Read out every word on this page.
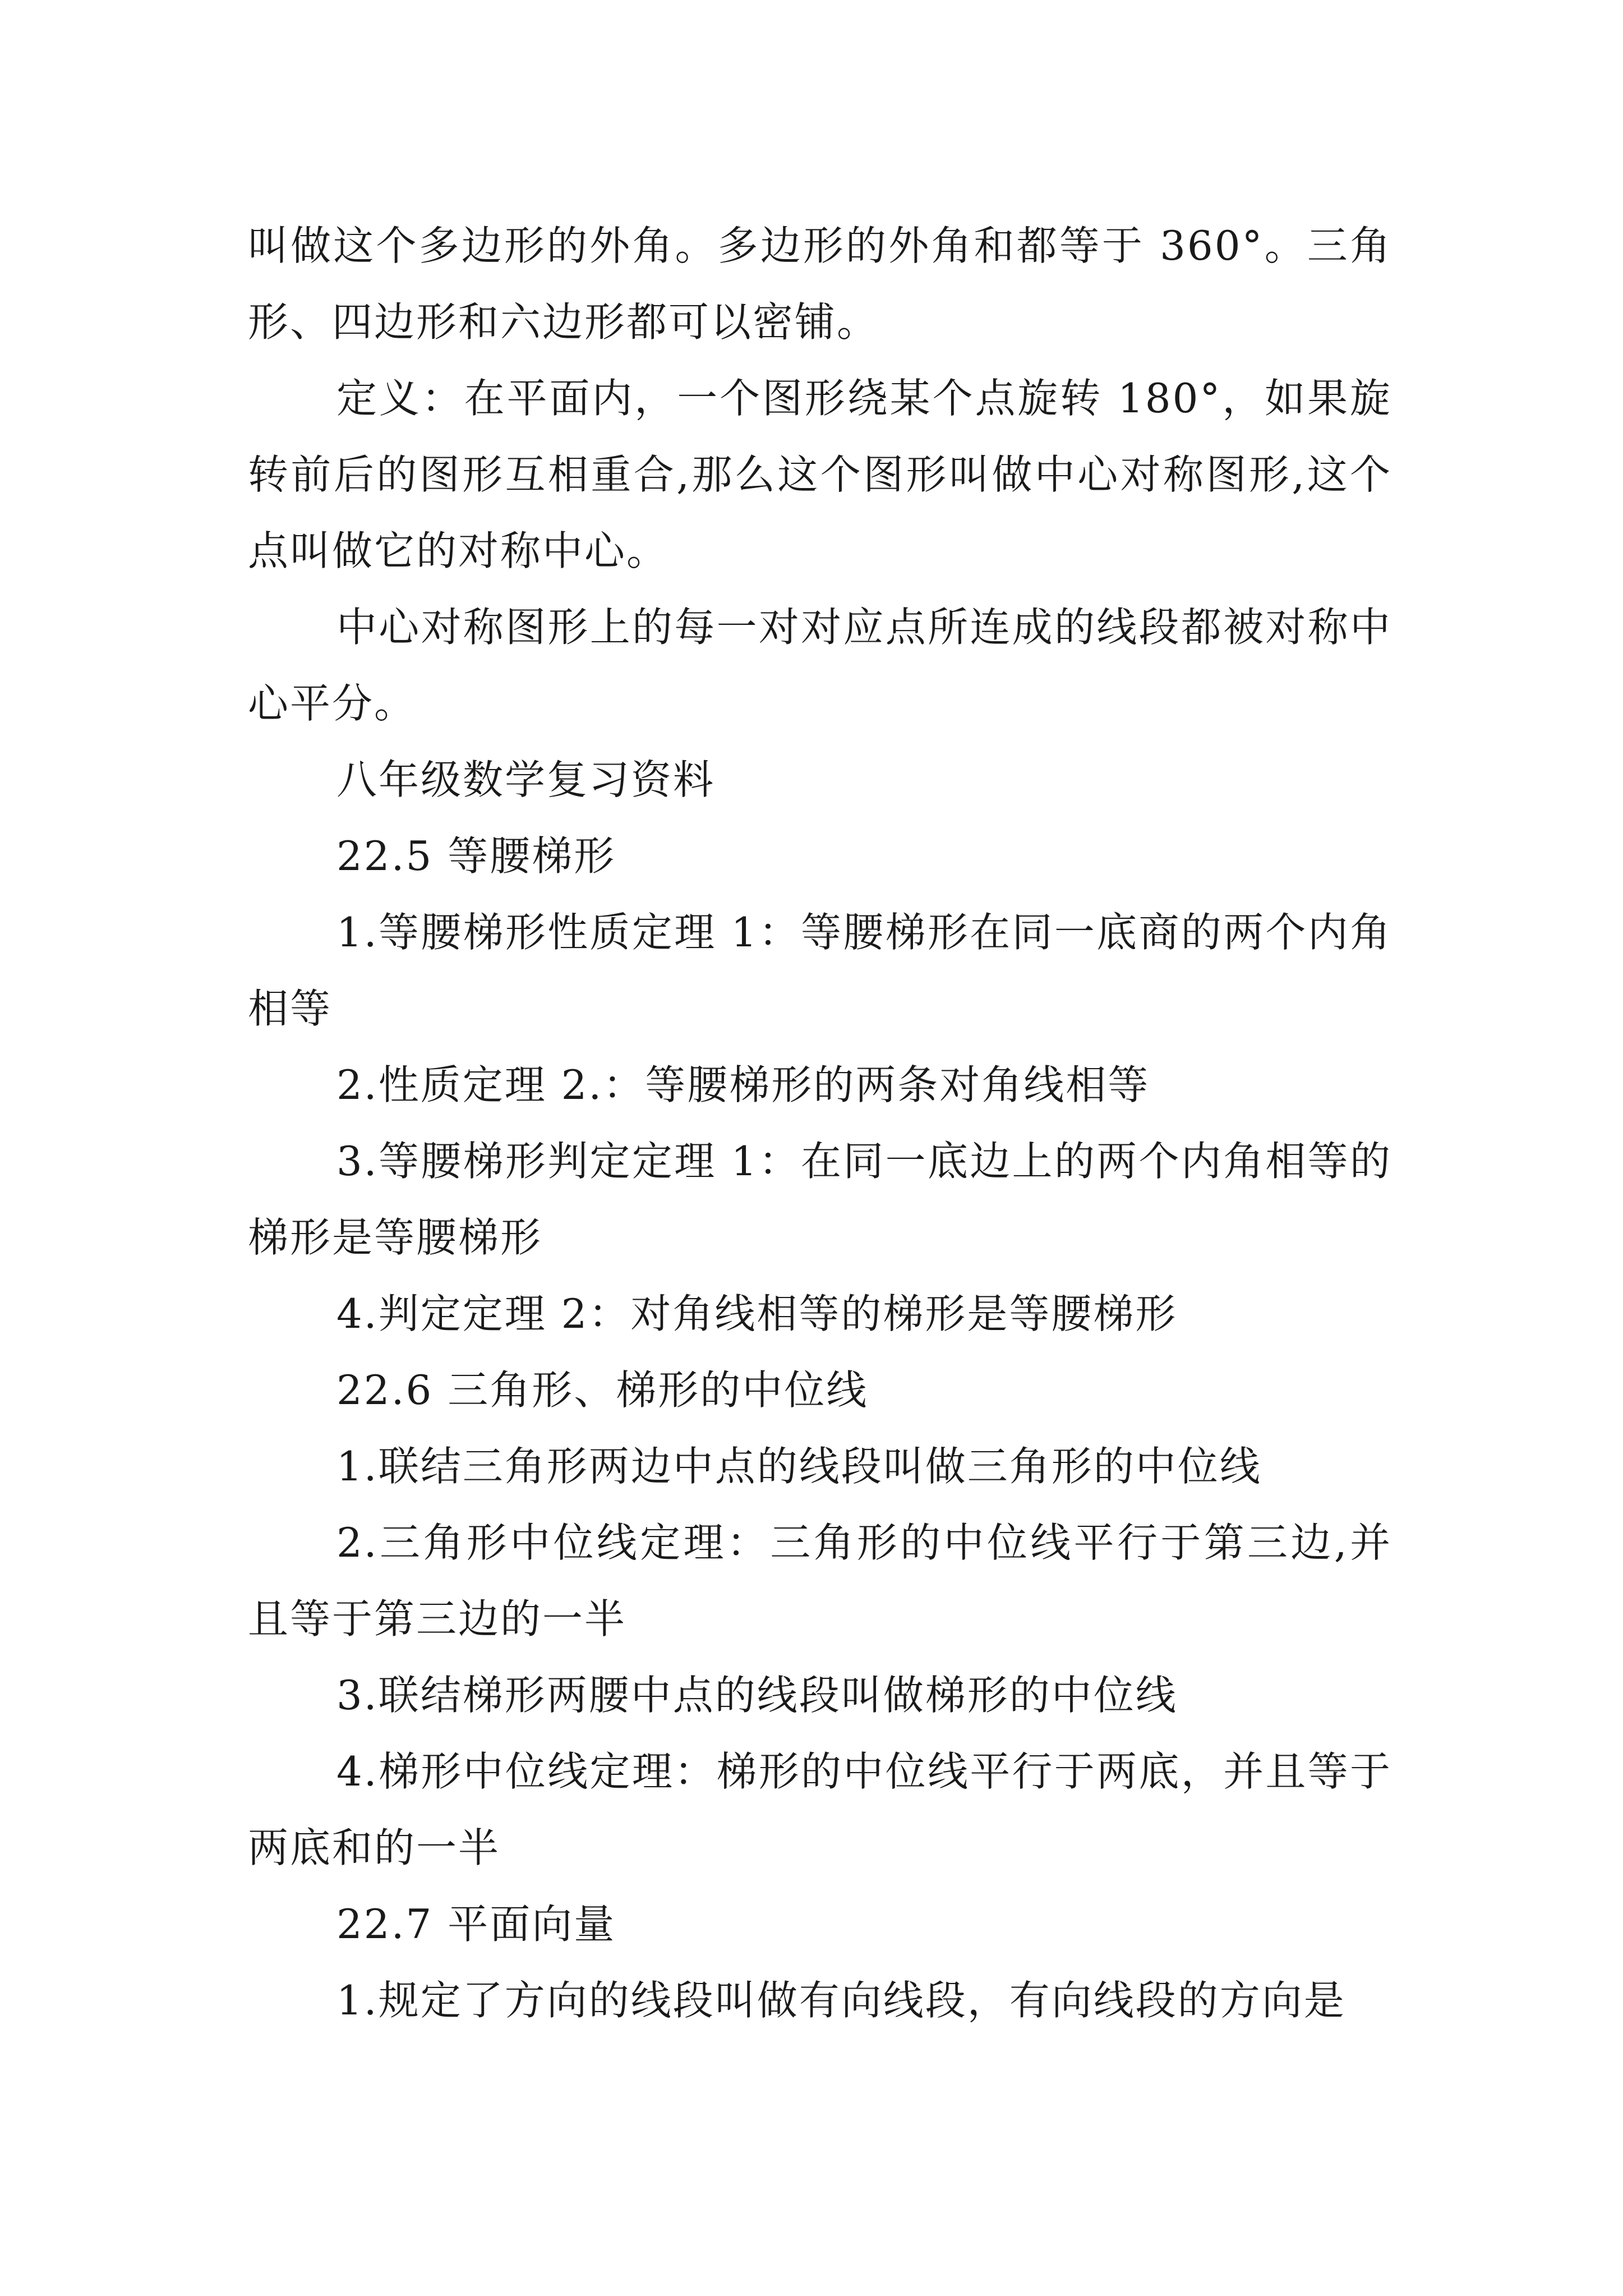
叫做这个多边形的外角。多边形的外角和都等于 360°。三角形、四边形和六边形都可以密铺。

定义：在平面内，一个图形绕某个点旋转 180°，如果旋转前后的图形互相重合,那么这个图形叫做中心对称图形,这个点叫做它的对称中心。

中心对称图形上的每一对对应点所连成的线段都被对称中心平分。

八年级数学复习资料

22.5 等腰梯形

1.等腰梯形性质定理 1：等腰梯形在同一底商的两个内角相等

2.性质定理 2.：等腰梯形的两条对角线相等

3.等腰梯形判定定理 1：在同一底边上的两个内角相等的梯形是等腰梯形

4.判定定理 2：对角线相等的梯形是等腰梯形

22.6 三角形、梯形的中位线

1.联结三角形两边中点的线段叫做三角形的中位线

2.三角形中位线定理：三角形的中位线平行于第三边,并且等于第三边的一半

3.联结梯形两腰中点的线段叫做梯形的中位线

4.梯形中位线定理：梯形的中位线平行于两底，并且等于两底和的一半

22.7 平面向量

1.规定了方向的线段叫做有向线段，有向线段的方向是
